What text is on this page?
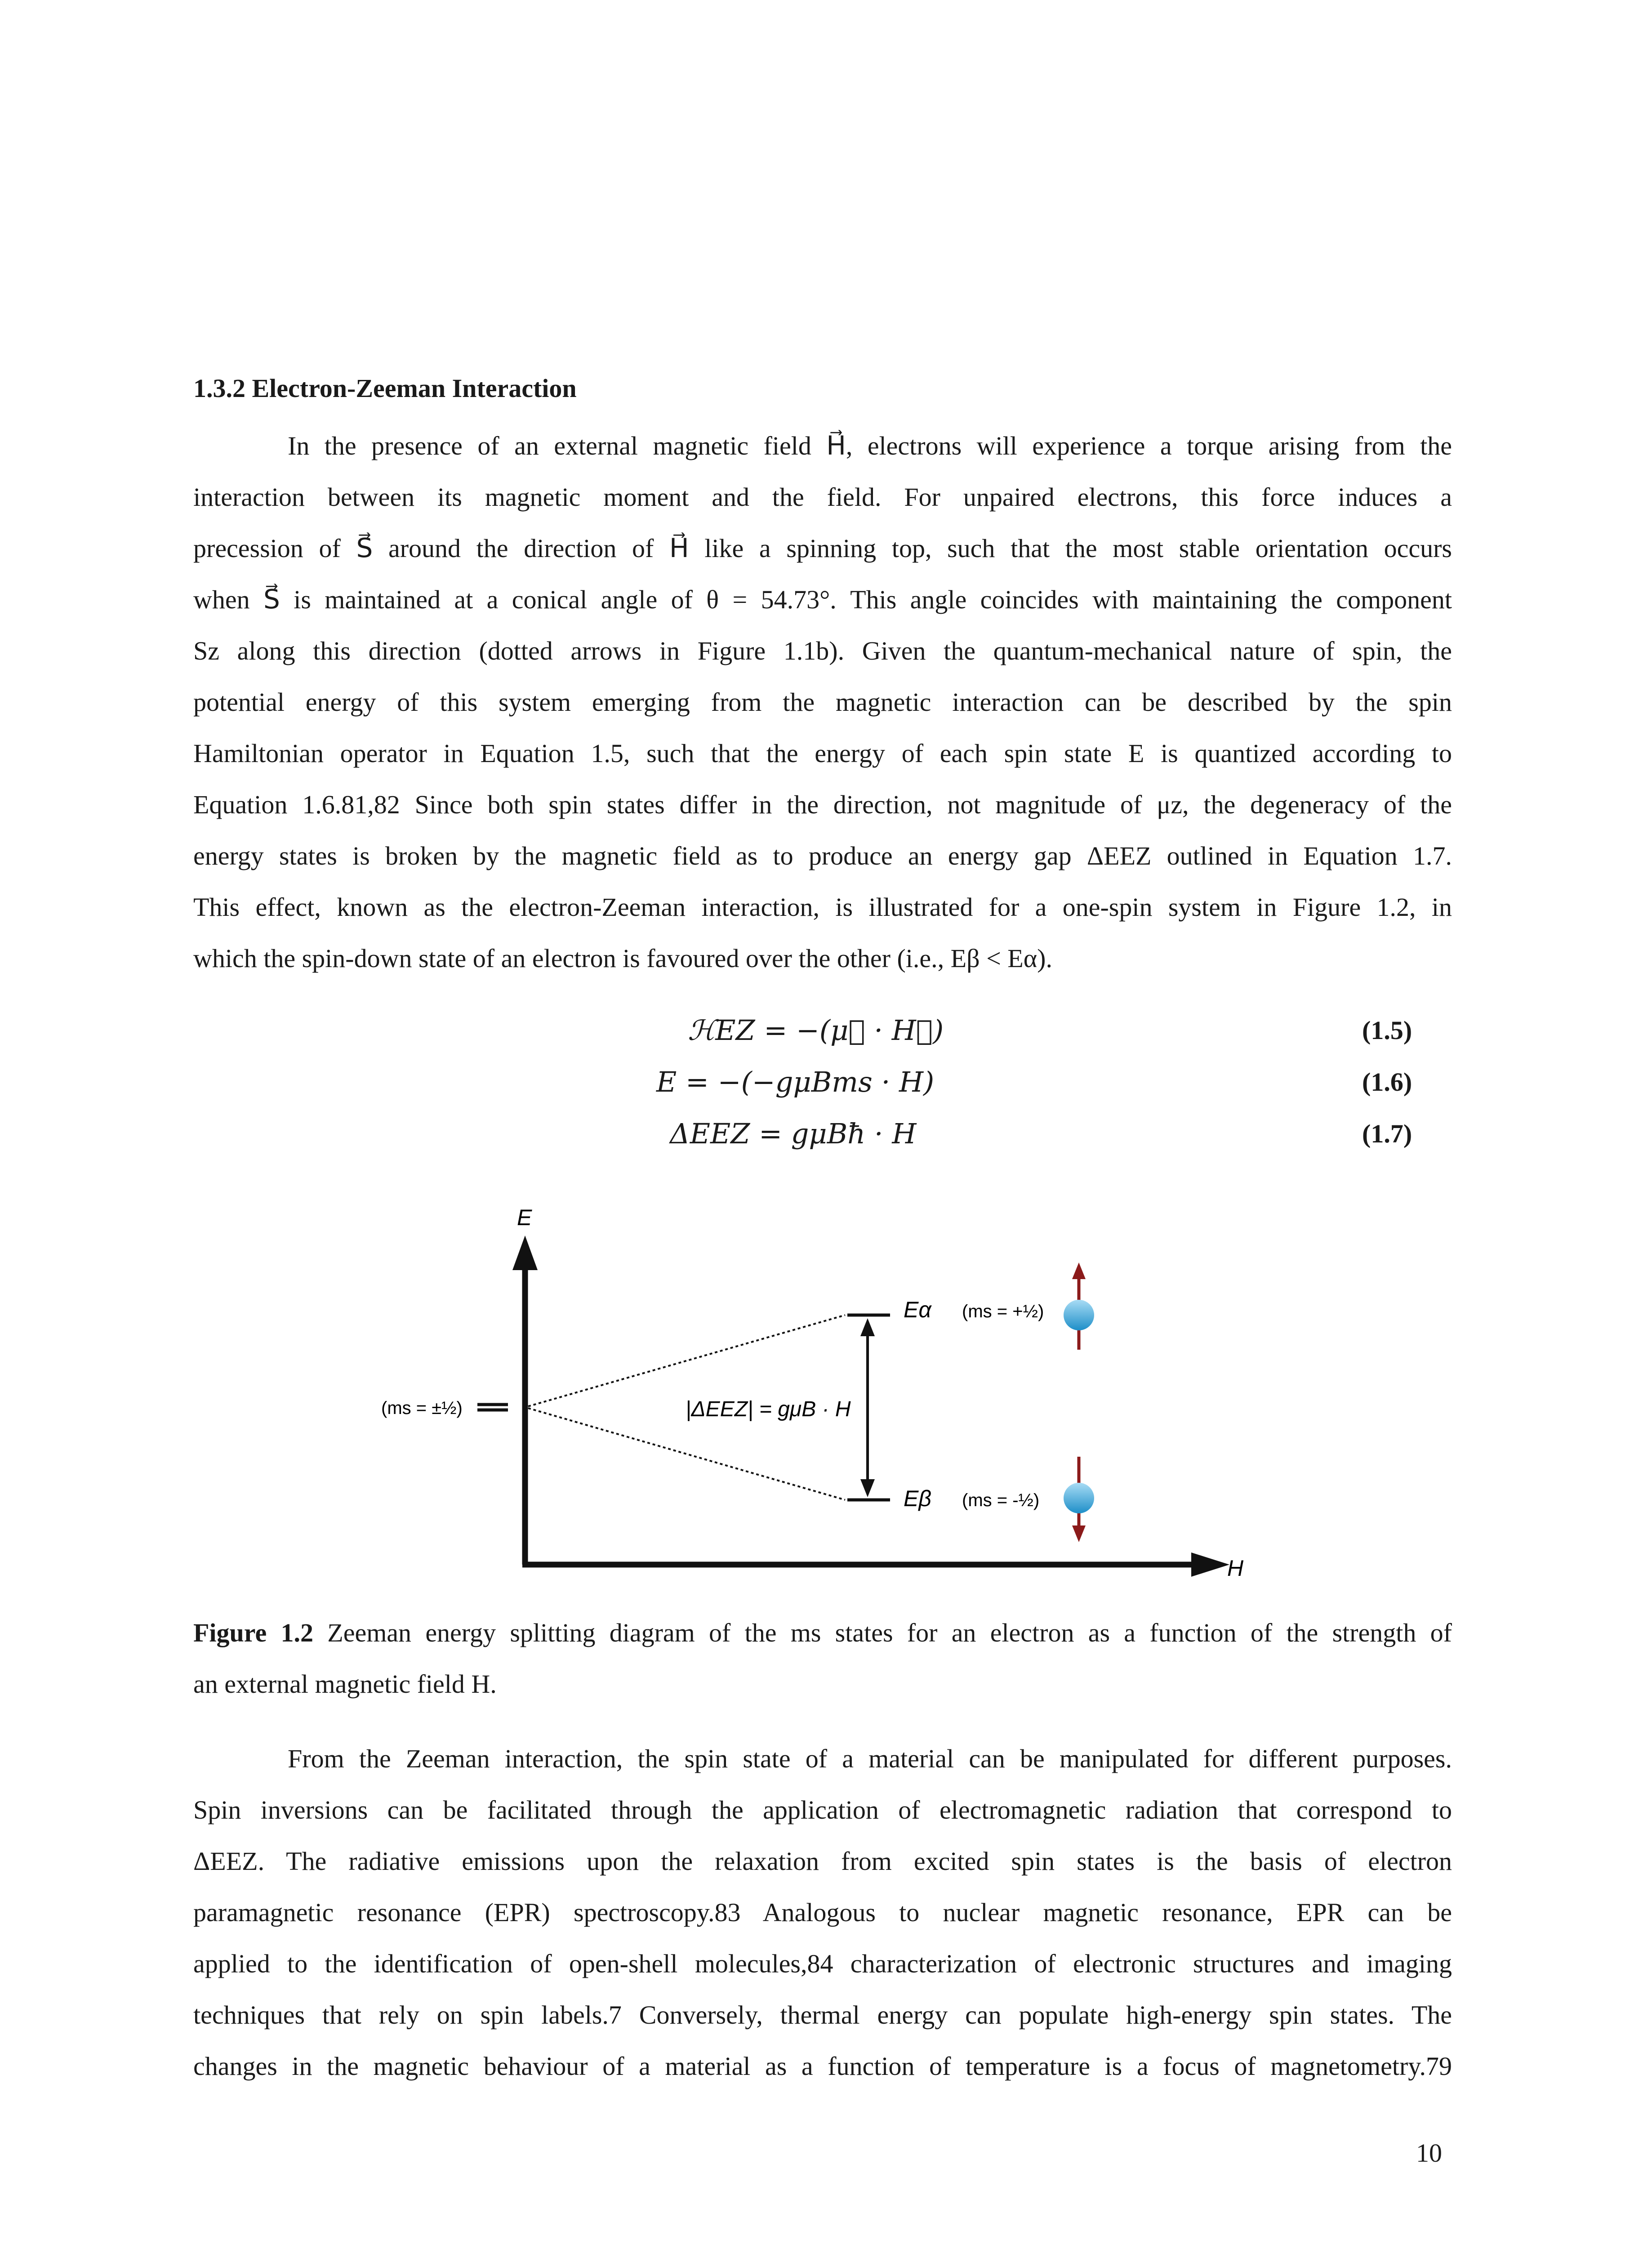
1.3.2 Electron-Zeeman Interaction
In the presence of an external magnetic field H⃗, electrons will experience a torque arising from the
interaction between its magnetic moment and the field. For unpaired electrons, this force induces a
precession of S⃗ around the direction of H⃗ like a spinning top, such that the most stable orientation occurs
when S⃗ is maintained at a conical angle of θ = 54.73°. This angle coincides with maintaining the component
Sz along this direction (dotted arrows in Figure 1.1b). Given the quantum-mechanical nature of spin, the
potential energy of this system emerging from the magnetic interaction can be described by the spin
Hamiltonian operator in Equation 1.5, such that the energy of each spin state E is quantized according to
Equation 1.6.81,82 Since both spin states differ in the direction, not magnitude of μz, the degeneracy of the
energy states is broken by the magnetic field as to produce an energy gap ΔEEZ outlined in Equation 1.7.
This effect, known as the electron-Zeeman interaction, is illustrated for a one-spin system in Figure 1.2, in
which the spin-down state of an electron is favoured over the other (i.e., Eβ < Eα).
ℋEZ = −(μ⃗ · H⃗)	(1.5)
E = −(−gμBms · H)	(1.6)
ΔEEZ = gμBħ · H	(1.7)
E
H
(ms = ±½)	|ΔEEZ| = gμB · H
Eα (ms = +½)
Eβ (ms = -½)
Figure 1.2 Zeeman energy splitting diagram of the ms states for an electron as a function of the strength of
an external magnetic field H.
From the Zeeman interaction, the spin state of a material can be manipulated for different purposes.
Spin inversions can be facilitated through the application of electromagnetic radiation that correspond to
ΔEEZ. The radiative emissions upon the relaxation from excited spin states is the basis of electron
paramagnetic resonance (EPR) spectroscopy.83 Analogous to nuclear magnetic resonance, EPR can be
applied to the identification of open-shell molecules,84 characterization of electronic structures and imaging
techniques that rely on spin labels.7 Conversely, thermal energy can populate high-energy spin states. The
changes in the magnetic behaviour of a material as a function of temperature is a focus of magnetometry.79
10
